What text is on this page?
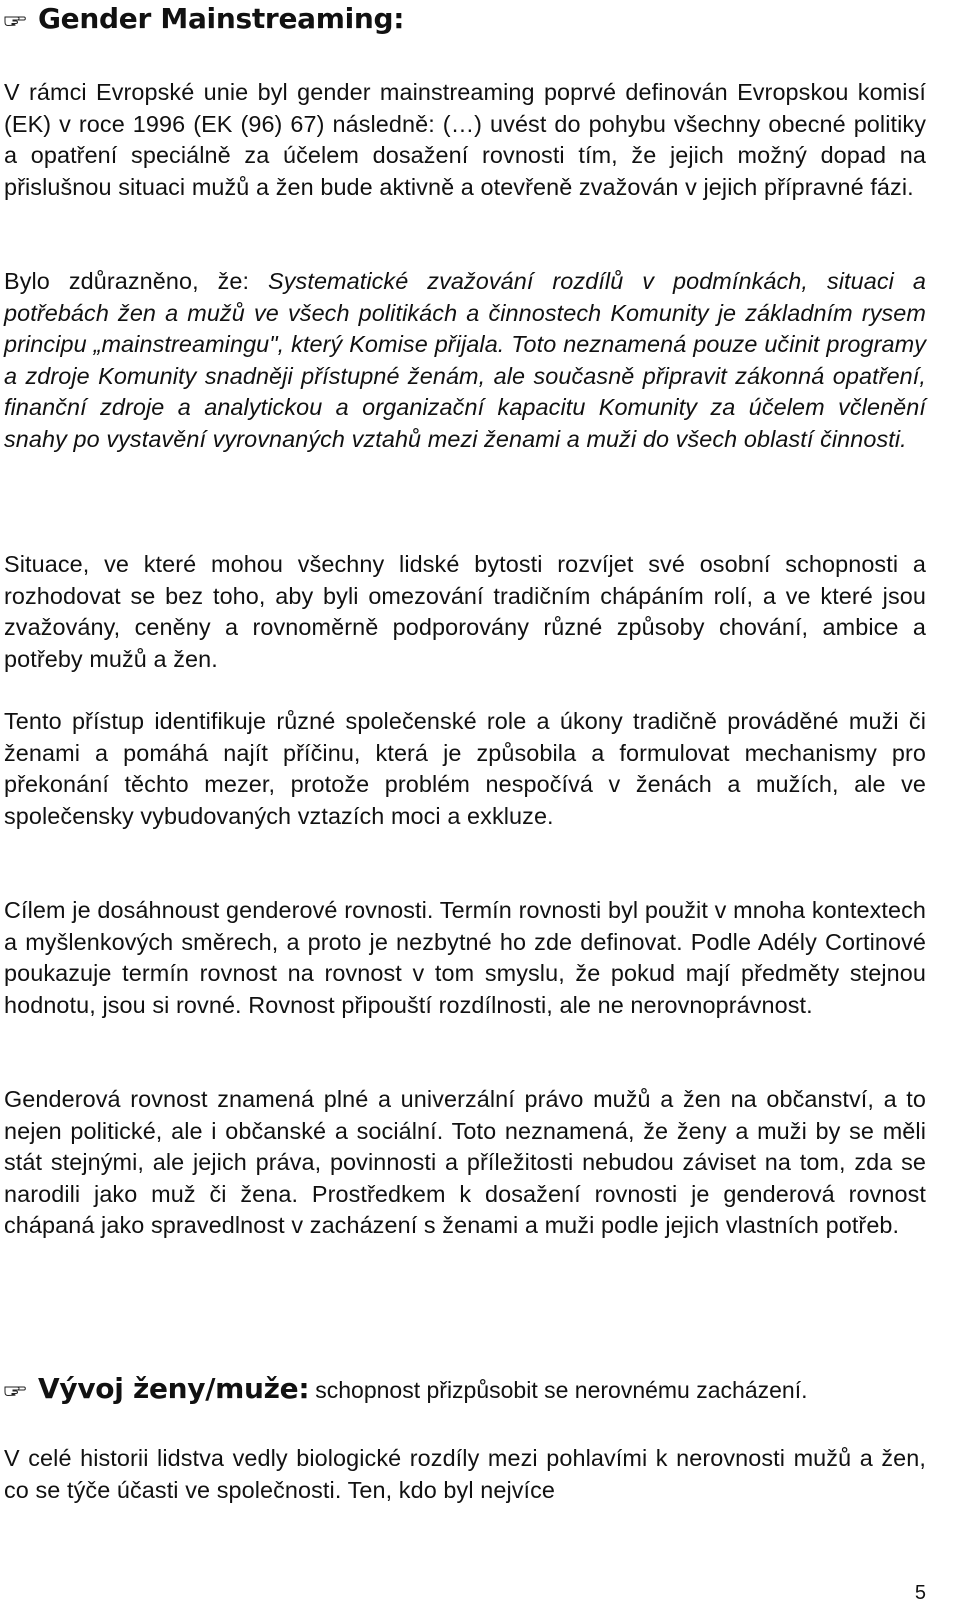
Gender Mainstreaming:

V rámci Evropské unie byl gender mainstreaming poprvé definován Evropskou komisí (EK) v roce 1996 (EK (96) 67) následně: (…) uvést do pohybu všechny obecné politiky a opatření speciálně za účelem dosažení rovnosti tím, že jejich možný dopad na přislušnou situaci mužů a žen bude aktivně a otevřeně zvažován v jejich přípravné fázi.

Bylo zdůrazněno, že: Systematické zvažování rozdílů v podmínkách, situaci a potřebách žen a mužů ve všech politikách a činnostech Komunity je základním rysem principu „mainstreamingu", který Komise přijala. Toto neznamená pouze učinit programy a zdroje Komunity snadněji přístupné ženám, ale současně připravit zákonná opatření, finanční zdroje a analytickou a organizační kapacitu Komunity za účelem včlenění snahy po vystavění vyrovnaných vztahů mezi ženami a muži do všech oblastí činnosti.

Situace, ve které mohou všechny lidské bytosti rozvíjet své osobní schopnosti a rozhodovat se bez toho, aby byli omezování tradičním chápáním rolí, a ve které jsou zvažovány, ceněny a rovnoměrně podporovány různé způsoby chování, ambice a potřeby mužů a žen.

Tento přístup identifikuje různé společenské role a úkony tradičně prováděné muži či ženami a pomáhá najít příčinu, která je způsobila a formulovat mechanismy pro překonání těchto mezer, protože problém nespočívá v ženách a mužích, ale ve společensky vybudovaných vztazích moci a exkluze.

Cílem je dosáhnoust genderové rovnosti. Termín rovnosti byl použit v mnoha kontextech a myšlenkových směrech, a proto je nezbytné ho zde definovat. Podle Adély Cortinové poukazuje termín rovnost na rovnost v tom smyslu, že pokud mají předměty stejnou hodnotu, jsou si rovné. Rovnost připouští rozdílnosti, ale ne nerovnoprávnost.

Genderová rovnost znamená plné a univerzální právo mužů a žen na občanství, a to nejen politické, ale i občanské a sociální. Toto neznamená, že ženy a muži by se měli stát stejnými, ale jejich práva, povinnosti a příležitosti nebudou záviset na tom, zda se narodili jako muž či žena. Prostředkem k dosažení rovnosti je genderová rovnost chápaná jako spravedlnost v zacházení s ženami a muži podle jejich vlastních potřeb.

Vývoj ženy/muže: schopnost přizpůsobit se nerovnému zacházení.

V celé historii lidstva vedly biologické rozdíly mezi pohlavími k nerovnosti mužů a žen, co se týče účasti ve společnosti. Ten, kdo byl nejvíce

5
